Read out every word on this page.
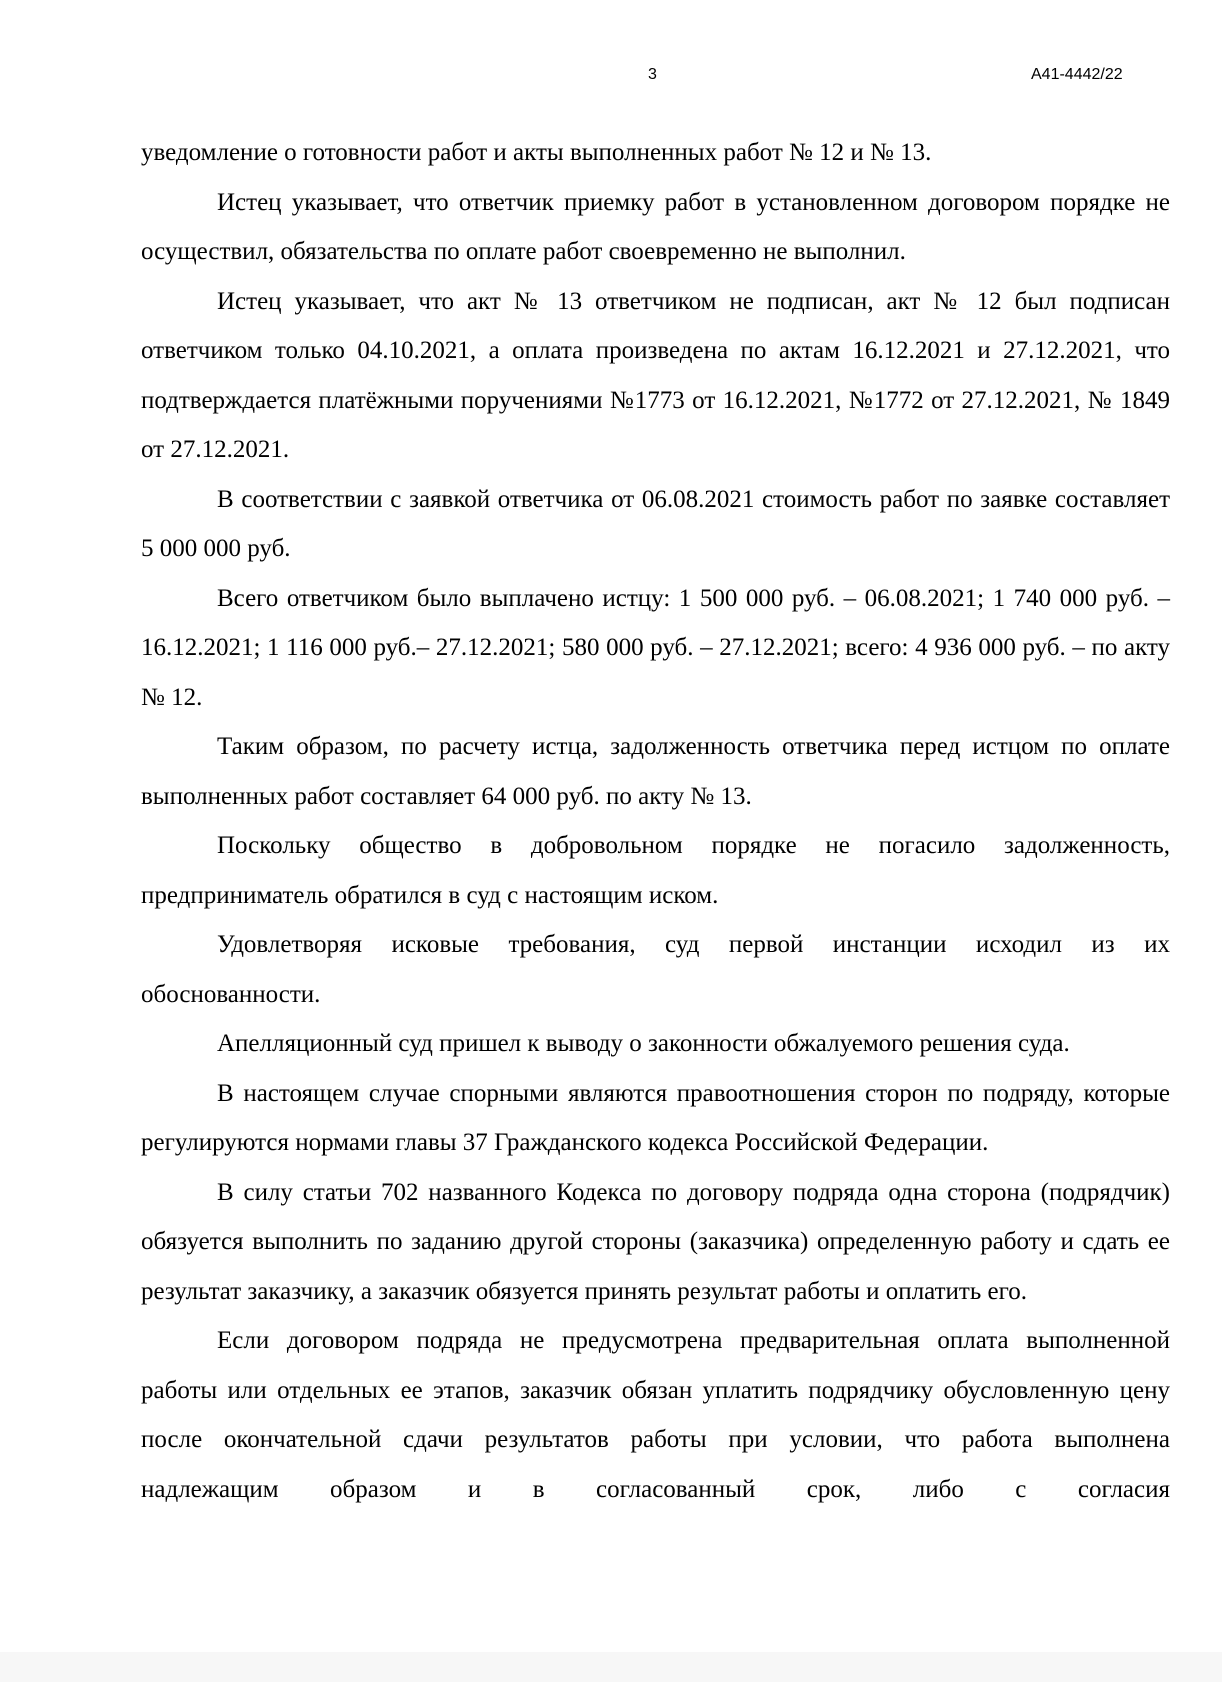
3	А41-4442/22

уведомление о готовности работ и акты выполненных работ № 12 и № 13.

Истец указывает, что ответчик приемку работ в установленном договором порядке не осуществил, обязательства по оплате работ своевременно не выполнил.

Истец указывает, что акт № 13 ответчиком не подписан, акт № 12 был подписан ответчиком только 04.10.2021, а оплата произведена по актам 16.12.2021 и 27.12.2021, что подтверждается платёжными поручениями №1773 от 16.12.2021, №1772 от 27.12.2021, № 1849 от 27.12.2021.

В соответствии с заявкой ответчика от 06.08.2021 стоимость работ по заявке составляет 5 000 000 руб.

Всего ответчиком было выплачено истцу: 1 500 000 руб. – 06.08.2021; 1 740 000 руб. – 16.12.2021; 1 116 000 руб.– 27.12.2021; 580 000 руб. – 27.12.2021; всего: 4 936 000 руб. – по акту № 12.

Таким образом, по расчету истца, задолженность ответчика перед истцом по оплате выполненных работ составляет 64 000 руб. по акту № 13.

Поскольку общество в добровольном порядке не погасило задолженность, предприниматель обратился в суд с настоящим иском.

Удовлетворяя исковые требования, суд первой инстанции исходил из их обоснованности.

Апелляционный суд пришел к выводу о законности обжалуемого решения суда.

В настоящем случае спорными являются правоотношения сторон по подряду, которые регулируются нормами главы 37 Гражданского кодекса Российской Федерации.

В силу статьи 702 названного Кодекса по договору подряда одна сторона (подрядчик) обязуется выполнить по заданию другой стороны (заказчика) определенную работу и сдать ее результат заказчику, а заказчик обязуется принять результат работы и оплатить его.

Если договором подряда не предусмотрена предварительная оплата выполненной работы или отдельных ее этапов, заказчик обязан уплатить подрядчику обусловленную цену после окончательной сдачи результатов работы при условии, что работа выполнена надлежащим образом и в согласованный срок, либо с согласия
